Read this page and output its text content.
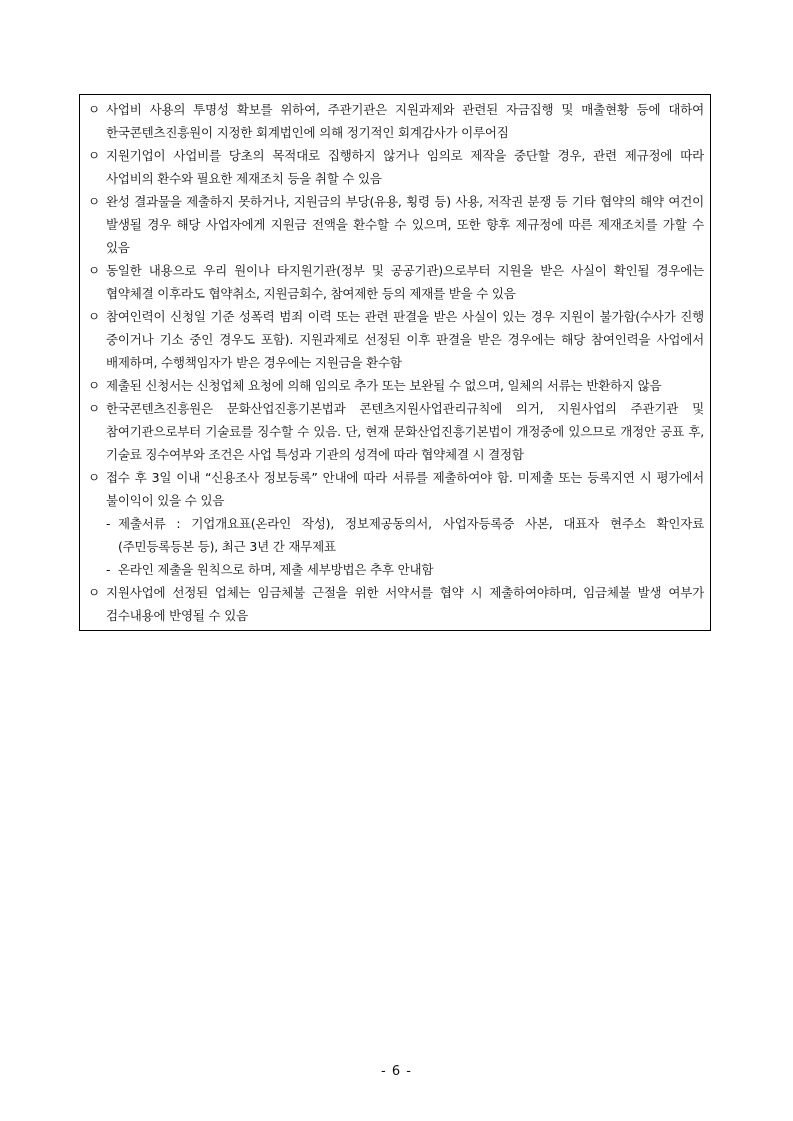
ㅇ 사업비 사용의 투명성 확보를 위하여, 주관기관은 지원과제와 관련된 자금집행 및 매출현황 등에 대하여 한국콘텐츠진흥원이 지정한 회계법인에 의해 정기적인 회계감사가 이루어짐
ㅇ 지원기업이 사업비를 당초의 목적대로 집행하지 않거나 임의로 제작을 중단할 경우, 관련 제규정에 따라 사업비의 환수와 필요한 제재조치 등을 취할 수 있음
ㅇ 완성 결과물을 제출하지 못하거나, 지원금의 부당(유용, 횡령 등) 사용, 저작권 분쟁 등 기타 협약의 해약 여건이 발생될 경우 해당 사업자에게 지원금 전액을 환수할 수 있으며, 또한 향후 제규정에 따른 제재조치를 가할 수 있음
ㅇ 동일한 내용으로 우리 원이나 타지원기관(정부 및 공공기관)으로부터 지원을 받은 사실이 확인될 경우에는 협약체결 이후라도 협약취소, 지원금회수, 참여제한 등의 제재를 받을 수 있음
ㅇ 참여인력이 신청일 기준 성폭력 범죄 이력 또는 관련 판결을 받은 사실이 있는 경우 지원이 불가함(수사가 진행 중이거나 기소 중인 경우도 포함). 지원과제로 선정된 이후 판결을 받은 경우에는 해당 참여인력을 사업에서 배제하며, 수행책임자가 받은 경우에는 지원금을 환수함
ㅇ 제출된 신청서는 신청업체 요청에 의해 임의로 추가 또는 보완될 수 없으며, 일체의 서류는 반환하지 않음
ㅇ 한국콘텐츠진흥원은 문화산업진흥기본법과 콘텐츠지원사업관리규칙에 의거, 지원사업의 주관기관 및 참여기관으로부터 기술료를 징수할 수 있음. 단, 현재 문화산업진흥기본법이 개정중에 있으므로 개정안 공표 후, 기술료 징수여부와 조건은 사업 특성과 기관의 성격에 따라 협약체결 시 결정함
ㅇ 접수 후 3일 이내 “신용조사 정보등록” 안내에 따라 서류를 제출하여야 함. 미제출 또는 등록지연 시 평가에서 불이익이 있을 수 있음
- 제출서류 : 기업개요표(온라인 작성), 정보제공동의서, 사업자등록증 사본, 대표자 현주소 확인자료(주민등록등본 등), 최근 3년 간 재무제표
- 온라인 제출을 원칙으로 하며, 제출 세부방법은 추후 안내함
ㅇ 지원사업에 선정된 업체는 임금체불 근절을 위한 서약서를 협약 시 제출하여야하며, 임금체불 발생 여부가 검수내용에 반영될 수 있음
- 6 -
